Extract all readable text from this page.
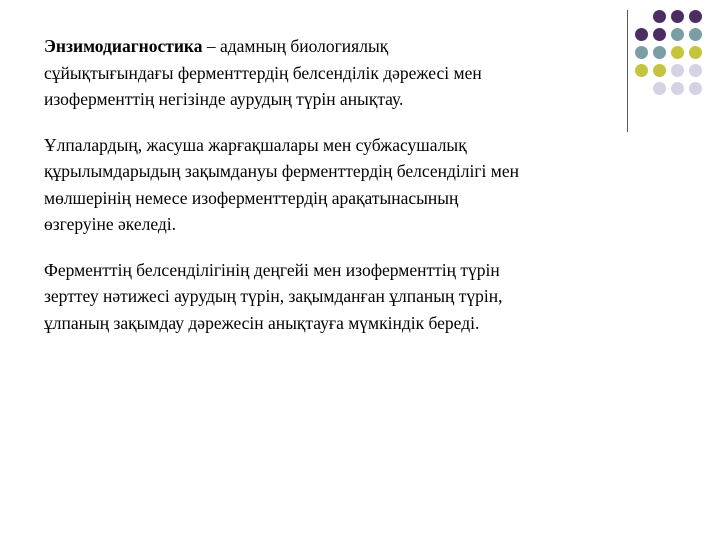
Энзимодиагностика – адамның биологиялық
сұйықтығындағы ферменттердің белсенділік дәрежесі мен
изоферменттің негізінде аурудың түрін анықтау.

Ұлпалардың, жасуша жарғақшалары мен субжасушалық
құрылымдарыдың зақымдануы ферменттердің белсенділігі мен
мөлшерінің немесе изоферменттердің арақатынасының
өзгеруіне әкеледі.

Ферменттің белсенділігінің деңгейі мен изоферменттің түрін
зерттеу нәтижесі аурудың түрін, зақымданған ұлпаның түрін,
ұлпаның зақымдау дәрежесін анықтауға мүмкіндік береді.
